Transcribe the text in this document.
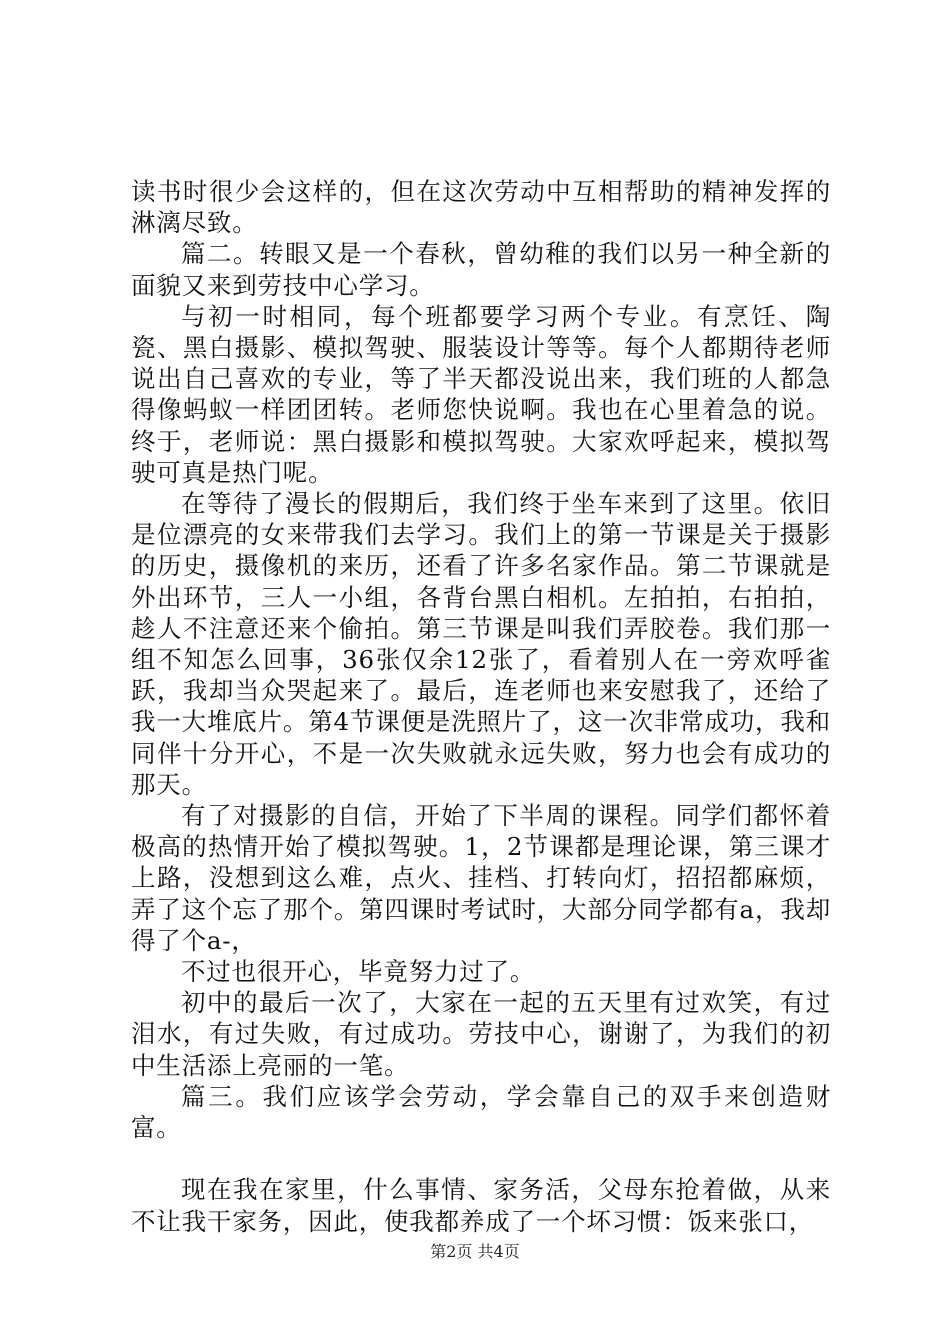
读书时很少会这样的，但在这次劳动中互相帮助的精神发挥的淋漓尽致。

篇二。转眼又是一个春秋，曾幼稚的我们以另一种全新的面貌又来到劳技中心学习。

与初一时相同，每个班都要学习两个专业。有烹饪、陶瓷、黑白摄影、模拟驾驶、服装设计等等。每个人都期待老师说出自己喜欢的专业，等了半天都没说出来，我们班的人都急得像蚂蚁一样团团转。老师您快说啊。我也在心里着急的说。终于，老师说：黑白摄影和模拟驾驶。大家欢呼起来，模拟驾驶可真是热门呢。

在等待了漫长的假期后，我们终于坐车来到了这里。依旧是位漂亮的女来带我们去学习。我们上的第一节课是关于摄影的历史，摄像机的来历，还看了许多名家作品。第二节课就是外出环节，三人一小组，各背台黑白相机。左拍拍，右拍拍，趁人不注意还来个偷拍。第三节课是叫我们弄胶卷。我们那一组不知怎么回事，36张仅余12张了，看着别人在一旁欢呼雀跃，我却当众哭起来了。最后，连老师也来安慰我了，还给了我一大堆底片。第4节课便是洗照片了，这一次非常成功，我和同伴十分开心，不是一次失败就永远失败，努力也会有成功的那天。

有了对摄影的自信，开始了下半周的课程。同学们都怀着极高的热情开始了模拟驾驶。1，2节课都是理论课，第三课才上路，没想到这么难，点火、挂档、打转向灯，招招都麻烦，弄了这个忘了那个。第四课时考试时，大部分同学都有a，我却得了个a-，

不过也很开心，毕竟努力过了。

初中的最后一次了，大家在一起的五天里有过欢笑，有过泪水，有过失败，有过成功。劳技中心，谢谢了，为我们的初中生活添上亮丽的一笔。

篇三。我们应该学会劳动，学会靠自己的双手来创造财富。

现在我在家里，什么事情、家务活，父母东抢着做，从来不让我干家务，因此，使我都养成了一个坏习惯：饭来张口，

第2页 共4页
